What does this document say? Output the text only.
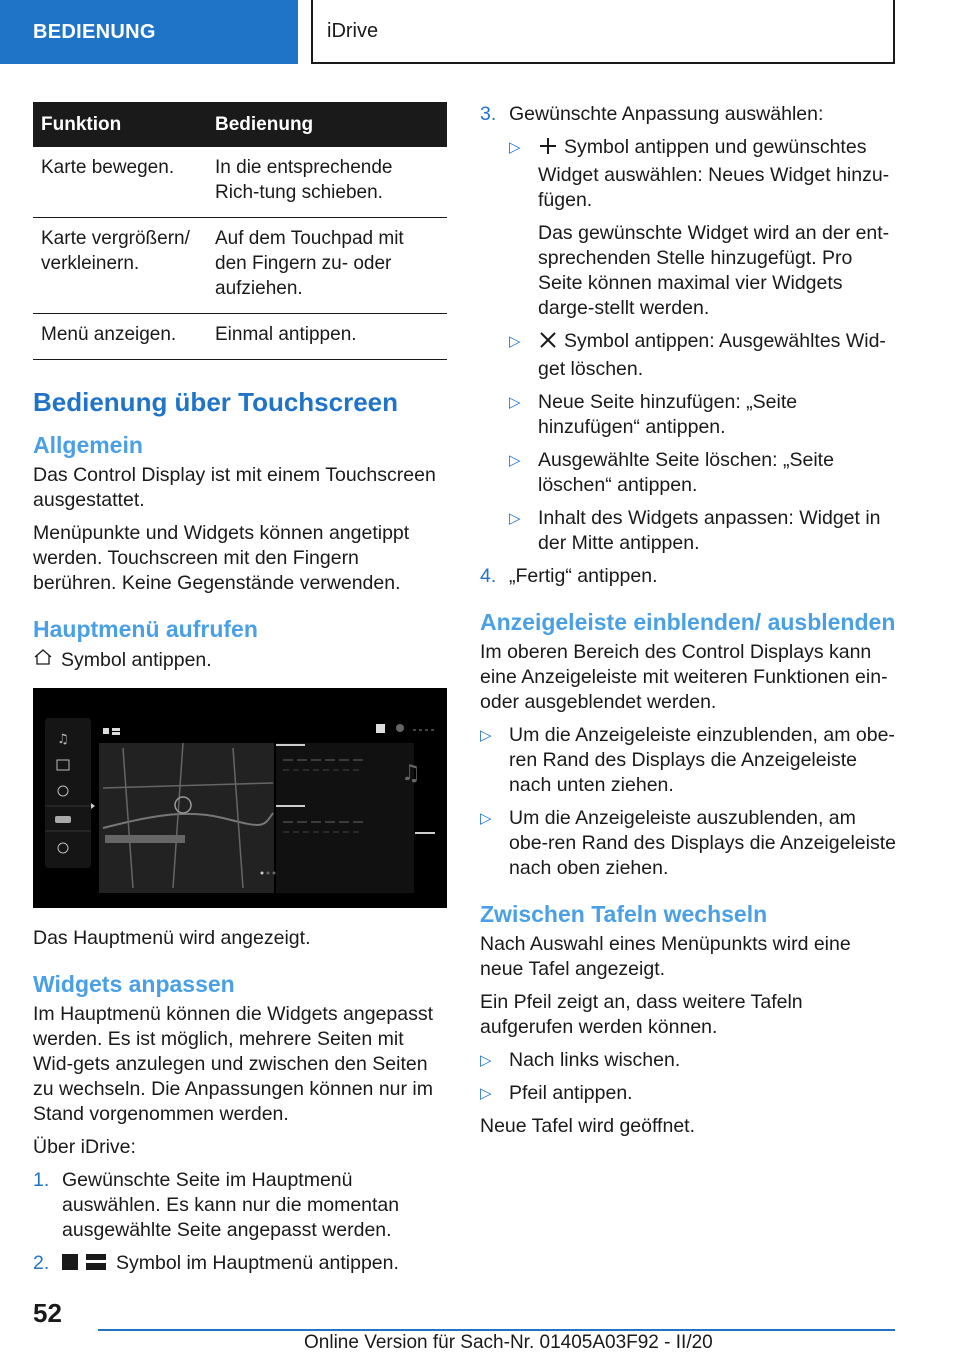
BEDIENUNG	iDrive
Funktion	Bedienung
Karte bewegen.	In die entsprechende Rich-tung schieben.
Karte vergrößern/ verkleinern.	Auf dem Touchpad mit den Fingern zu- oder aufziehen.
Menü anzeigen.	Einmal antippen.
Bedienung über Touchscreen
Allgemein

Das Control Display ist mit einem Touchscreen ausgestattet.

Menüpunkte und Widgets können angetippt werden. Touchscreen mit den Fingern berühren. Keine Gegenstände verwenden.

Hauptmenü aufrufen
Symbol antippen.
♫
♫

Das Hauptmenü wird angezeigt.

Widgets anpassen

Im Hauptmenü können die Widgets angepasst werden. Es ist möglich, mehrere Seiten mit Wid-gets anzulegen und zwischen den Seiten zu wechseln. Die Anpassungen können nur im Stand vorgenommen werden.

Über iDrive:

1. Gewünschte Seite im Hauptmenü auswählen. Es kann nur die momentan ausgewählte Seite angepasst werden.
2.	Symbol im Hauptmenü antippen.
3. Gewünschte Anpassung auswählen:
▷	Symbol antippen und gewünschtes Widget auswählen: Neues Widget hinzu-fügen.
Das gewünschte Widget wird an der ent-sprechenden Stelle hinzugefügt. Pro Seite können maximal vier Widgets darge-stellt werden.
▷	Symbol antippen: Ausgewähltes Wid-get löschen.
▷ Neue Seite hinzufügen: „Seite hinzufügen“ antippen.
▷ Ausgewählte Seite löschen: „Seite löschen“ antippen.
▷ Inhalt des Widgets anpassen: Widget in der Mitte antippen.
4. „Fertig“ antippen.
Anzeigeleiste einblenden/ ausblenden

Im oberen Bereich des Control Displays kann eine Anzeigeleiste mit weiteren Funktionen ein- oder ausgeblendet werden.

▷ Um die Anzeigeleiste einzublenden, am obe-ren Rand des Displays die Anzeigeleiste nach unten ziehen.
▷ Um die Anzeigeleiste auszublenden, am obe-ren Rand des Displays die Anzeigeleiste nach oben ziehen.
Zwischen Tafeln wechseln

Nach Auswahl eines Menüpunkts wird eine neue Tafel angezeigt.

Ein Pfeil zeigt an, dass weitere Tafeln aufgerufen werden können.

▷ Nach links wischen.
▷ Pfeil antippen.

Neue Tafel wird geöffnet.

52
Online Version für Sach-Nr. 01405A03F92 - II/20
